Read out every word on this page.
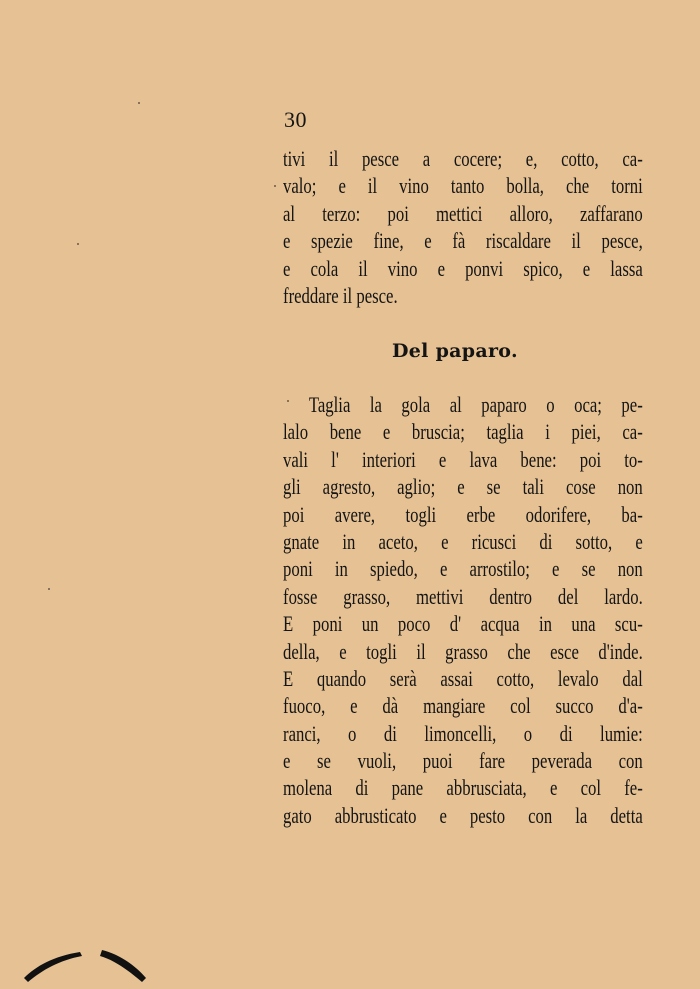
30
tivi il pesce a cocere; e, cotto, ca-
valo; e il vino tanto bolla, che torni
al terzo: poi mettici alloro, zaffarano
e spezie fine, e fà riscaldare il pesce,
e cola il vino e ponvi spico, e lassa
freddare il pesce.
Del paparo.
Taglia la gola al paparo o oca; pe-
lalo bene e bruscia; taglia i piei, ca-
vali l' interiori e lava bene: poi to-
gli agresto, aglio; e se tali cose non
poi avere, togli erbe odorifere, ba-
gnate in aceto, e ricusci di sotto, e
poni in spiedo, e arrostilo; e se non
fosse grasso, mettivi dentro del lardo.
E poni un poco d' acqua in una scu-
della, e togli il grasso che esce d'inde.
E quando serà assai cotto, levalo dal
fuoco, e dà mangiare col succo d'a-
ranci, o di limoncelli, o di lumie:
e se vuoli, puoi fare peverada con
molena di pane abbrusciata, e col fe-
gato abbrusticato e pesto con la detta
